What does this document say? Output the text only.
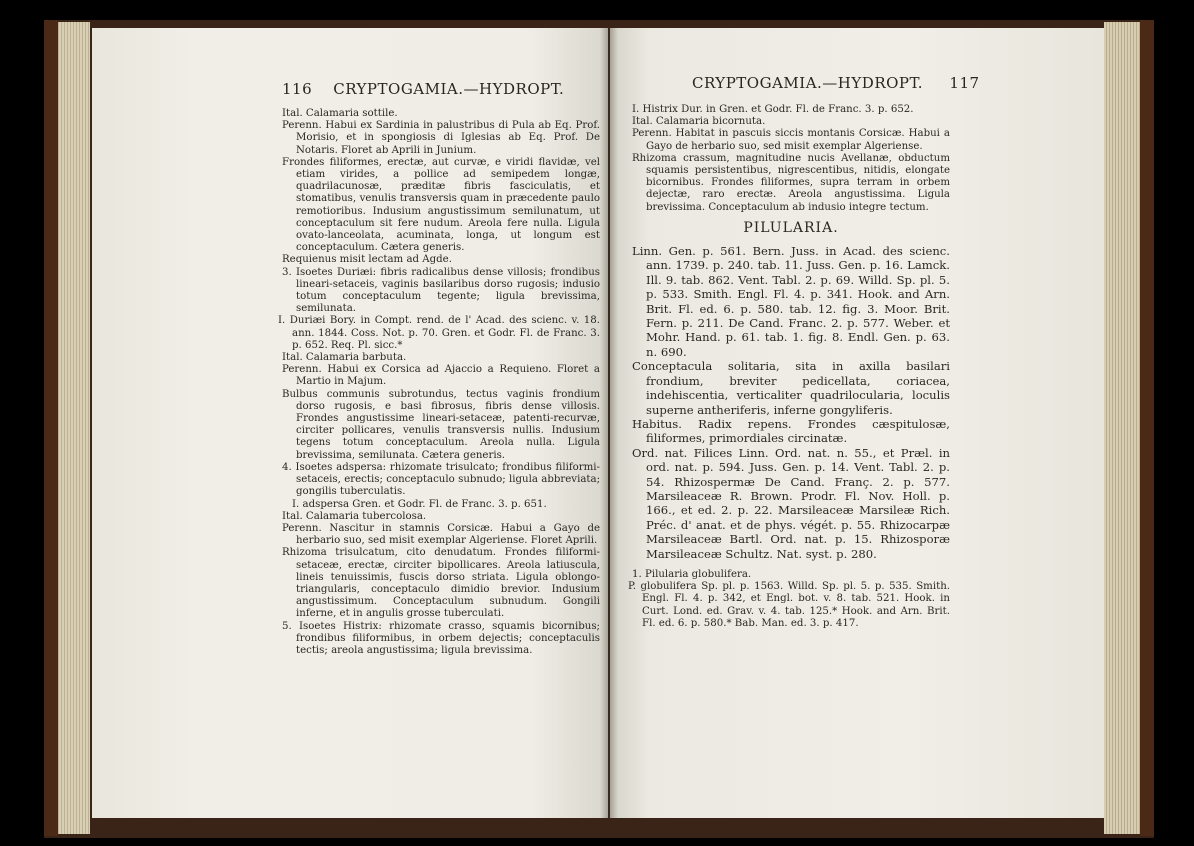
116 CRYPTOGAMIA.—HYDROPT.

Ital. Calamaria sottile.

Perenn. Habui ex Sardinia in palustribus di Pula ab Eq. Prof. Morisio, et in spongiosis di Iglesias ab Eq. Prof. De Notaris. Floret ab Aprili in Junium.

Frondes filiformes, erectæ, aut curvæ, e viridi flavidæ, vel etiam virides, a pollice ad semipedem longæ, quadrilacunosæ, præditæ fibris fasciculatis, et stomatibus, venulis transversis quam in præcedente paulo remotioribus. Indusium angustissimum semilunatum, ut conceptaculum sit fere nudum. Areola fere nulla. Ligula ovato-lanceolata, acuminata, longa, ut longum est conceptaculum. Cætera generis.

Requienus misit lectam ad Agde.

3. Isoetes Duriæi: fibris radicalibus dense villosis; frondibus lineari-setaceis, vaginis basilaribus dorso rugosis; indusio totum conceptaculum tegente; ligula brevissima, semilunata.

I. Duriæi Bory. in Compt. rend. de l' Acad. des scienc. v. 18. ann. 1844. Coss. Not. p. 70. Gren. et Godr. Fl. de Franc. 3. p. 652. Req. Pl. sicc.*

Ital. Calamaria barbuta.

Perenn. Habui ex Corsica ad Ajaccio a Requieno. Floret a Martio in Majum.

Bulbus communis subrotundus, tectus vaginis frondium dorso rugosis, e basi fibrosus, fibris dense villosis. Frondes angustissime lineari-setaceæ, patenti-recurvæ, circiter pollicares, venulis transversis nullis. Indusium tegens totum conceptaculum. Areola nulla. Ligula brevissima, semilunata. Cætera generis.

4. Isoetes adspersa: rhizomate trisulcato; frondibus filiformi-setaceis, erectis; conceptaculo subnudo; ligula abbreviata; gongilis tuberculatis.

I. adspersa Gren. et Godr. Fl. de Franc. 3. p. 651.

Ital. Calamaria tubercolosa.

Perenn. Nascitur in stamnis Corsicæ. Habui a Gayo de herbario suo, sed misit exemplar Algeriense. Floret Aprili.

Rhizoma trisulcatum, cito denudatum. Frondes filiformi-setaceæ, erectæ, circiter bipollicares. Areola latiuscula, lineis tenuissimis, fuscis dorso striata. Ligula oblongo-triangularis, conceptaculo dimidio brevior. Indusium angustissimum. Conceptaculum subnudum. Gongili inferne, et in angulis grosse tuberculati.

5. Isoetes Histrix: rhizomate crasso, squamis bicornibus; frondibus filiformibus, in orbem dejectis; conceptaculis tectis; areola angustissima; ligula brevissima.

CRYPTOGAMIA.—HYDROPT. 117

I. Histrix Dur. in Gren. et Godr. Fl. de Franc. 3. p. 652.

Ital. Calamaria bicornuta.

Perenn. Habitat in pascuis siccis montanis Corsicæ. Habui a Gayo de herbario suo, sed misit exemplar Algeriense.

Rhizoma crassum, magnitudine nucis Avellanæ, obductum squamis persistentibus, nigrescentibus, nitidis, elongate bicornibus. Frondes filiformes, supra terram in orbem dejectæ, raro erectæ. Areola angustissima. Ligula brevissima. Conceptaculum ab indusio integre tectum.

PILULARIA.

Linn. Gen. p. 561. Bern. Juss. in Acad. des scienc. ann. 1739. p. 240. tab. 11. Juss. Gen. p. 16. Lamck. Ill. 9. tab. 862. Vent. Tabl. 2. p. 69. Willd. Sp. pl. 5. p. 533. Smith. Engl. Fl. 4. p. 341. Hook. and Arn. Brit. Fl. ed. 6. p. 580. tab. 12. fig. 3. Moor. Brit. Fern. p. 211. De Cand. Franc. 2. p. 577. Weber. et Mohr. Hand. p. 61. tab. 1. fig. 8. Endl. Gen. p. 63. n. 690.

Conceptacula solitaria, sita in axilla basilari frondium, breviter pedicellata, coriacea, indehiscentia, verticaliter quadrilocularia, loculis superne antheriferis, inferne gongyliferis.

Habitus. Radix repens. Frondes cæspitulosæ, filiformes, primordiales circinatæ.

Ord. nat. Filices Linn. Ord. nat. n. 55., et Præl. in ord. nat. p. 594. Juss. Gen. p. 14. Vent. Tabl. 2. p. 54. Rhizospermæ De Cand. Franç. 2. p. 577. Marsileaceæ R. Brown. Prodr. Fl. Nov. Holl. p. 166., et ed. 2. p. 22. Marsileaceæ Marsileæ Rich. Préc. d' anat. et de phys. végét. p. 55. Rhizocarpæ Marsileaceæ Bartl. Ord. nat. p. 15. Rhizosporæ Marsileaceæ Schultz. Nat. syst. p. 280.

1. Pilularia globulifera.

P. globulifera Sp. pl. p. 1563. Willd. Sp. pl. 5. p. 535. Smith. Engl. Fl. 4. p. 342, et Engl. bot. v. 8. tab. 521. Hook. in Curt. Lond. ed. Grav. v. 4. tab. 125.* Hook. and Arn. Brit. Fl. ed. 6. p. 580.* Bab. Man. ed. 3. p. 417.
